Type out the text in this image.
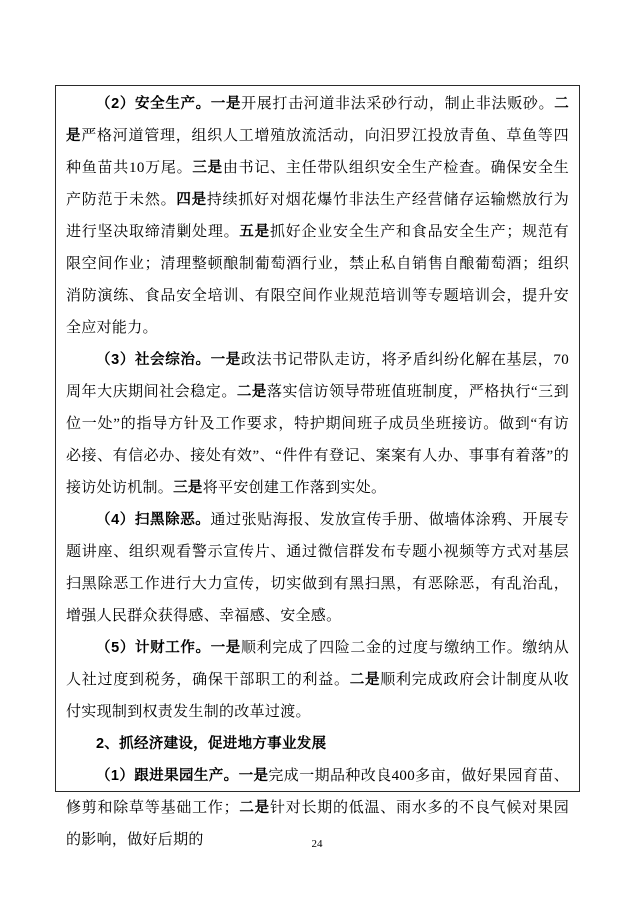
（2）安全生产。一是开展打击河道非法采砂行动，制止非法贩砂。二是严格河道管理，组织人工增殖放流活动，向汨罗江投放青鱼、草鱼等四种鱼苗共10万尾。三是由书记、主任带队组织安全生产检查。确保安全生产防范于未然。四是持续抓好对烟花爆竹非法生产经营储存运输燃放行为进行坚决取缔清剿处理。五是抓好企业安全生产和食品安全生产；规范有限空间作业；清理整顿酿制葡萄酒行业，禁止私自销售自酿葡萄酒；组织消防演练、食品安全培训、有限空间作业规范培训等专题培训会，提升安全应对能力。

（3）社会综治。一是政法书记带队走访，将矛盾纠纷化解在基层，70周年大庆期间社会稳定。二是落实信访领导带班值班制度，严格执行“三到位一处”的指导方针及工作要求，特护期间班子成员坐班接访。做到“有访必接、有信必办、接处有效”、“件件有登记、案案有人办、事事有着落”的接访处访机制。三是将平安创建工作落到实处。

（4）扫黑除恶。通过张贴海报、发放宣传手册、做墙体涂鸦、开展专题讲座、组织观看警示宣传片、通过微信群发布专题小视频等方式对基层扫黑除恶工作进行大力宣传，切实做到有黑扫黑，有恶除恶，有乱治乱，增强人民群众获得感、幸福感、安全感。

（5）计财工作。一是顺利完成了四险二金的过度与缴纳工作。缴纳从人社过度到税务，确保干部职工的利益。二是顺利完成政府会计制度从收付实现制到权责发生制的改革过渡。

2、抓经济建设，促进地方事业发展

（1）跟进果园生产。一是完成一期品种改良400多亩，做好果园育苗、修剪和除草等基础工作；二是针对长期的低温、雨水多的不良气候对果园的影响，做好后期的	24
